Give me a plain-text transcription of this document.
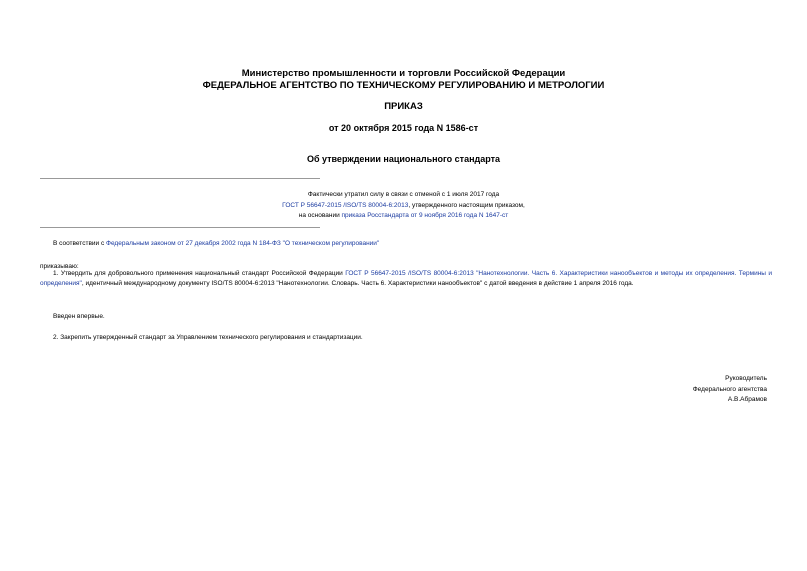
Министерство промышленности и торговли Российской Федерации
ФЕДЕРАЛЬНОЕ АГЕНТСТВО ПО ТЕХНИЧЕСКОМУ РЕГУЛИРОВАНИЮ И МЕТРОЛОГИИ
ПРИКАЗ
от 20 октября 2015 года N 1586-ст
Об утверждении национального стандарта
Фактически утратил силу в связи с отменой с 1 июля 2017 года
ГОСТ Р 56647-2015 /ISO/TS 80004-6:2013, утвержденного настоящим приказом,
на основании приказа Росстандарта от 9 ноября 2016 года N 1647-ст
В соответствии с Федеральным законом от 27 декабря 2002 года N 184-ФЗ "О техническом регулировании"
приказываю:
1. Утвердить для добровольного применения национальный стандарт Российской Федерации ГОСТ Р 56647-2015 /ISO/TS 80004-6:2013 "Нанотехнологии. Часть 6. Характеристики нанообъектов и методы их определения. Термины и определения", идентичный международному документу ISO/TS 80004-6:2013 "Нанотехнологии. Словарь. Часть 6. Характеристики нанообъектов" с датой введения в действие 1 апреля 2016 года.
Введен впервые.
2. Закрепить утвержденный стандарт за Управлением технического регулирования и стандартизации.
Руководитель
Федерального агентства
А.В.Абрамов
